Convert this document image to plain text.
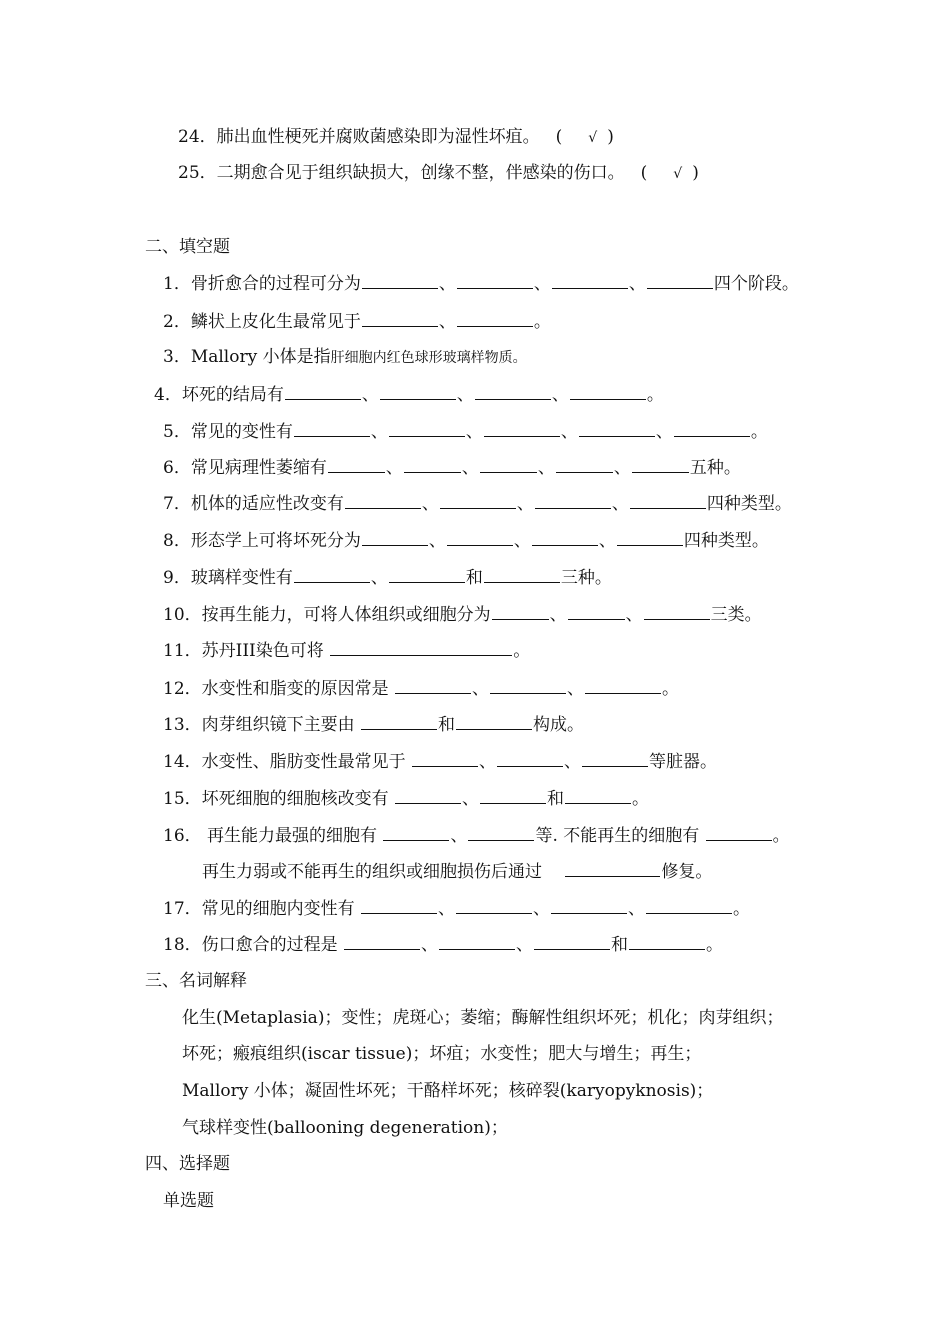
24．肺出血性梗死并腐败菌感染即为湿性坏疽。 ( √ )
25．二期愈合见于组织缺损大，创缘不整，伴感染的伤口。 ( √ )
二、填空题
1．骨折愈合的过程可分为	、	、	、	四个阶段。
2．鳞状上皮化生最常见于	、	。
3．Mallory 小体是指肝细胞内红色球形玻璃样物质。
4．坏死的结局有	、	、	、	。
5．常见的变性有	、	、	、	、	。
6．常见病理性萎缩有	、	、	、	、	五种。
7．机体的适应性改变有	、	、	、	四种类型。
8．形态学上可将坏死分为	、	、	、	四种类型。
9．玻璃样变性有	、	和	三种。
10．按再生能力，可将人体组织或细胞分为	、	、	三类。
11．苏丹III染色可将	。
12．水变性和脂变的原因常是	、	、	。
13．肉芽组织镜下主要由	和	构成。
14．水变性、脂肪变性最常见于	、	、	等脏器。
15．坏死细胞的细胞核改变有	、	和	。
16． 再生能力最强的细胞有	、	等. 不能再生的细胞有	。
再生力弱或不能再生的组织或细胞损伤后通过　	修复。
17．常见的细胞内变性有	、	、	、	。
18．伤口愈合的过程是	、	、	和	。
三、名词解释
化生(Metaplasia)；变性；虎斑心；萎缩；酶解性组织坏死；机化；肉芽组织；
坏死；瘢痕组织(iscar tissue)；坏疽；水变性；肥大与增生；再生；
Mallory 小体；凝固性坏死；干酪样坏死；核碎裂(karyopyknosis)；
气球样变性(ballooning degeneration)；
四、选择题
单选题
